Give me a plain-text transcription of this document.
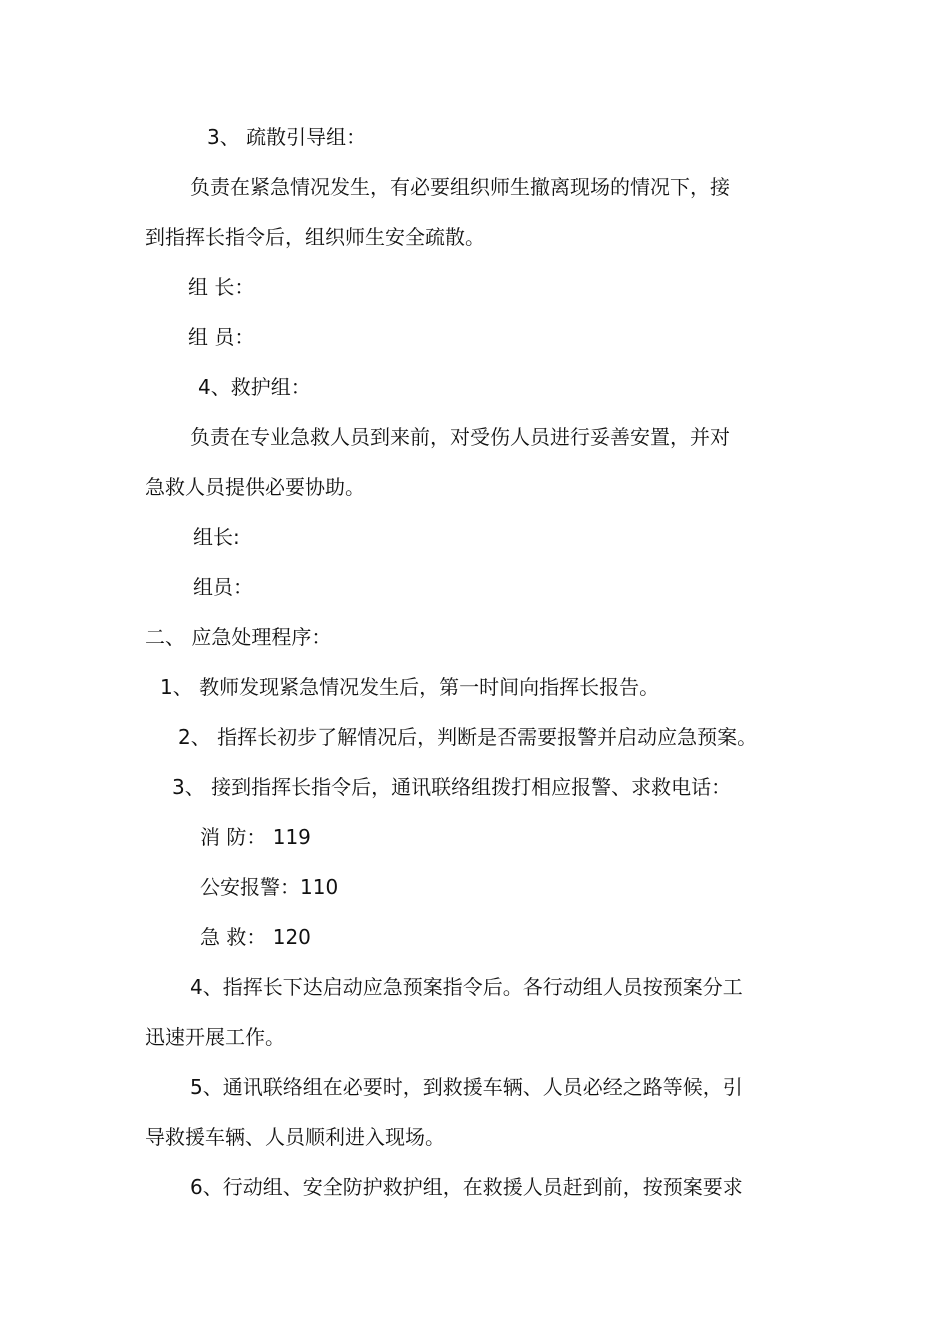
3、 疏散引导组：

负责在紧急情况发生，有必要组织师生撤离现场的情况下，接

到指挥长指令后，组织师生安全疏散。

组 长：

组 员：

4、救护组：

负责在专业急救人员到来前，对受伤人员进行妥善安置，并对

急救人员提供必要协助。

组长:

组员：

二、 应急处理程序：

1、 教师发现紧急情况发生后，第一时间向指挥长报告。

2、 指挥长初步了解情况后，判断是否需要报警并启动应急预案。

3、 接到指挥长指令后，通讯联络组拨打相应报警、求救电话：

消 防： 119

公安报警：110

急 救： 120

4、指挥长下达启动应急预案指令后。各行动组人员按预案分工

迅速开展工作。

5、通讯联络组在必要时，到救援车辆、人员必经之路等候，引

导救援车辆、人员顺利进入现场。

6、行动组、安全防护救护组，在救援人员赶到前，按预案要求
